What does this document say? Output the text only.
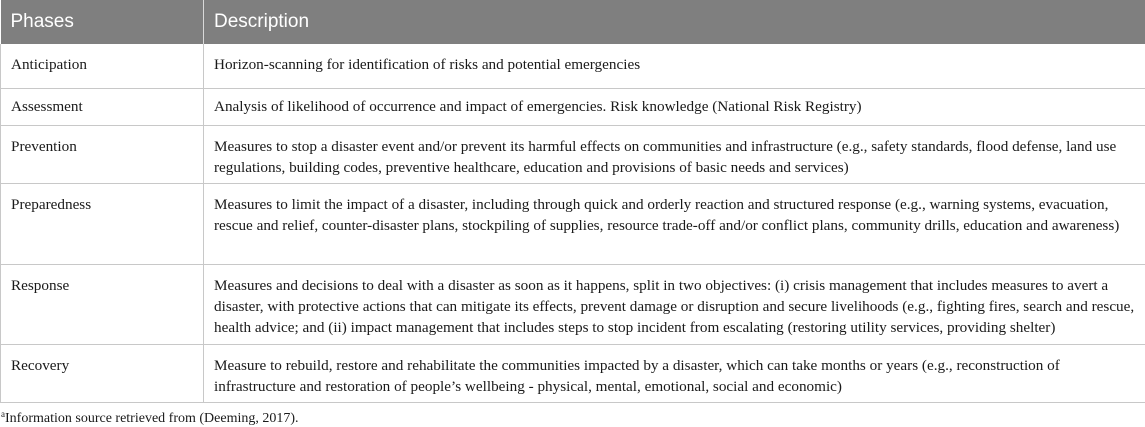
Phases	Description
Anticipation	Horizon-scanning for identification of risks and potential emergencies
Assessment	Analysis of likelihood of occurrence and impact of emergencies. Risk knowledge (National Risk Registry)
Prevention	Measures to stop a disaster event and/or prevent its harmful effects on communities and infrastructure (e.g., safety standards, flood defense, land use regulations, building codes, preventive healthcare, education and provisions of basic needs and services)
Preparedness	Measures to limit the impact of a disaster, including through quick and orderly reaction and structured response (e.g., warning systems, evacuation, rescue and relief, counter-disaster plans, stockpiling of supplies, resource trade-off and/or conflict plans, community drills, education and awareness)
Response	Measures and decisions to deal with a disaster as soon as it happens, split in two objectives: (i) crisis management that includes measures to avert a disaster, with protective actions that can mitigate its effects, prevent damage or disruption and secure livelihoods (e.g., fighting fires, search and rescue, health advice; and (ii) impact management that includes steps to stop incident from escalating (restoring utility services, providing shelter)
Recovery	Measure to rebuild, restore and rehabilitate the communities impacted by a disaster, which can take months or years (e.g., reconstruction of infrastructure and restoration of people’s wellbeing - physical, mental, emotional, social and economic)
$^a$Information source retrieved from (Deeming, 2017).
